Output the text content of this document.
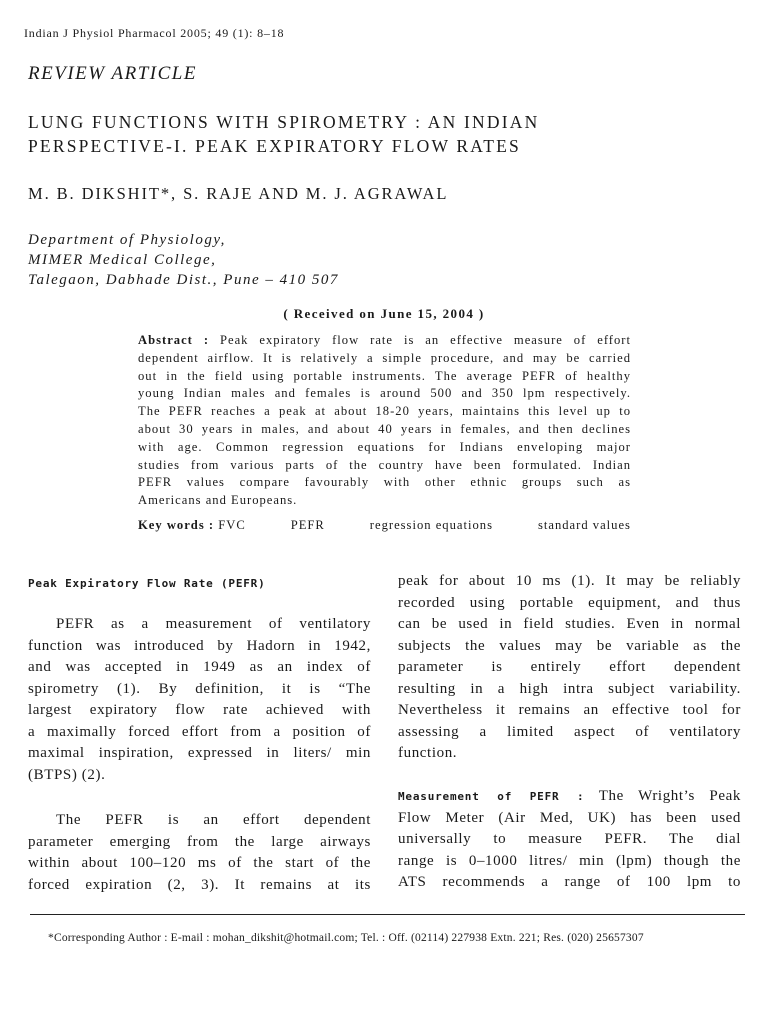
Indian J Physiol Pharmacol 2005; 49 (1): 8–18
REVIEW ARTICLE
LUNG FUNCTIONS WITH SPIROMETRY : AN INDIAN
PERSPECTIVE-I. PEAK EXPIRATORY FLOW RATES
M. B. DIKSHIT*, S. RAJE AND M. J. AGRAWAL
Department of Physiology,
MIMER Medical College,
Talegaon, Dabhade Dist., Pune – 410 507
( Received on June 15, 2004 )
Abstract : Peak expiratory flow rate is an effective measure of effort
dependent airflow. It is relatively a simple procedure, and may be carried
out in the field using portable instruments. The average PEFR of healthy
young Indian males and females is around 500 and 350 lpm respectively.
The PEFR reaches a peak at about 18-20 years, maintains this level up to
about 30 years in males, and about 40 years in females, and then declines
with age. Common regression equations for Indians enveloping major
studies from various parts of the country have been formulated. Indian
PEFR values compare favourably with other ethnic groups such as
Americans and Europeans.
Key words : FVC	PEFR	regression equations	standard values
Peak Expiratory Flow Rate (PEFR)
PEFR as a measurement of ventilatory
function was introduced by Hadorn in 1942,
and was accepted in 1949 as an index of
spirometry (1). By definition, it is “The
largest expiratory flow rate achieved with
a maximally forced effort from a position of
maximal inspiration, expressed in liters/ min
(BTPS) (2).
The PEFR is an effort dependent
parameter emerging from the large airways
within about 100–120 ms of the start of the
forced expiration (2, 3). It remains at its
peak for about 10 ms (1). It may be reliably
recorded using portable equipment, and thus
can be used in field studies. Even in normal
subjects the values may be variable as the
parameter is entirely effort dependent
resulting in a high intra subject variability.
Nevertheless it remains an effective tool for
assessing a limited aspect of ventilatory
function.
Measurement of PEFR : The Wright’s Peak
Flow Meter (Air Med, UK) has been used
universally to measure PEFR. The dial
range is 0–1000 litres/ min (lpm) though the
ATS recommends a range of 100 lpm to
*Corresponding Author : E-mail : mohan_dikshit@hotmail.com; Tel. : Off. (02114) 227938 Extn. 221; Res. (020) 25657307
